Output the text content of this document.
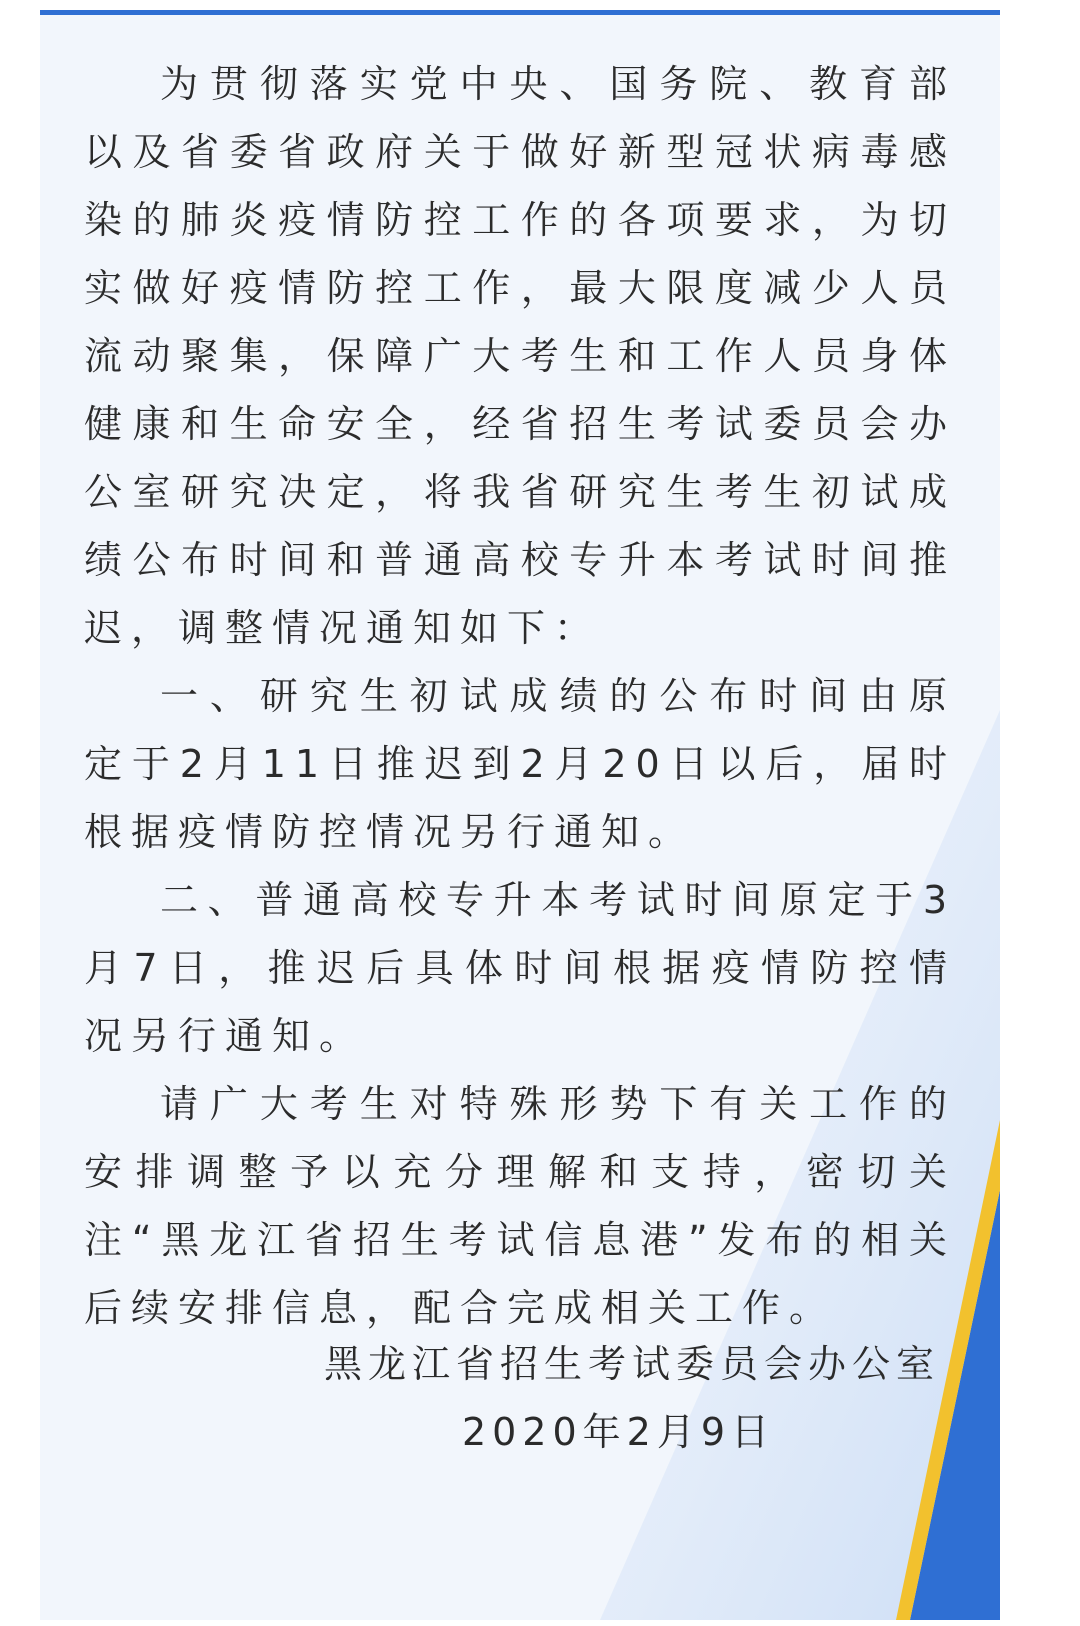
为贯彻落实党中央、国务院、教育部以及省委省政府关于做好新型冠状病毒感染的肺炎疫情防控工作的各项要求，为切实做好疫情防控工作，最大限度减少人员流动聚集，保障广大考生和工作人员身体健康和生命安全，经省招生考试委员会办公室研究决定，将我省研究生考生初试成绩公布时间和普通高校专升本考试时间推迟，调整情况通知如下：

一、研究生初试成绩的公布时间由原定于2月11日推迟到2月20日以后，届时根据疫情防控情况另行通知。

二、普通高校专升本考试时间原定于3月7日，推迟后具体时间根据疫情防控情况另行通知。

请广大考生对特殊形势下有关工作的安排调整予以充分理解和支持，密切关注“黑龙江省招生考试信息港”发布的相关后续安排信息，配合完成相关工作。

黑龙江省招生考试委员会办公室
2020年2月9日
